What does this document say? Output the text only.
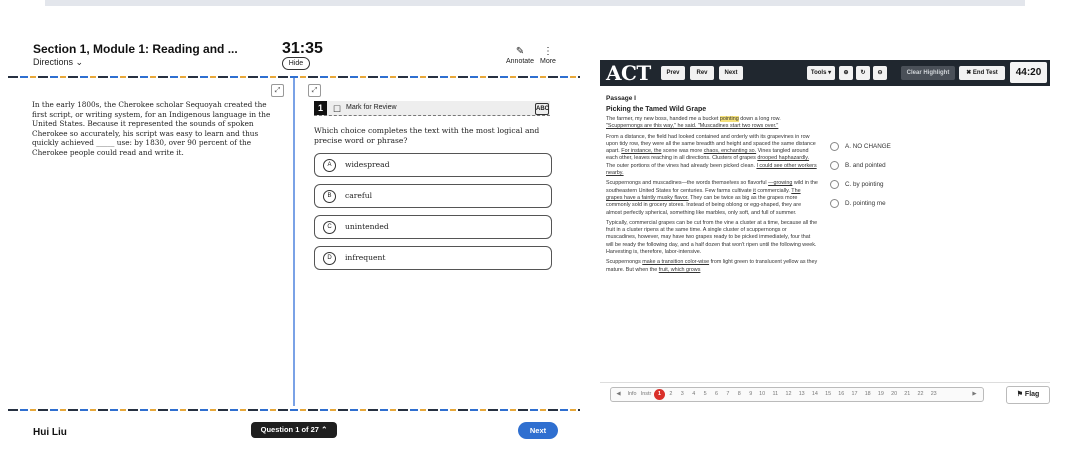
Section 1, Module 1: Reading and ...
Directions ⌄
31:35
Hide
✎
Annotate
⋮
More
⤢
In the early 1800s, the Cherokee scholar Sequoyah created the first script, or writing system, for an Indigenous language in the United States. Because it represented the sounds of spoken Cherokee so accurately, his script was easy to learn and thus quickly achieved _____ use: by 1830, over 90 percent of the Cherokee people could read and write it.
⤢
1	☐ Mark for Review	ABC
Which choice completes the text with the most logical and precise word or phrase?
A	widespread
B	careful
C	unintended
D	infrequent
Hui Liu	Question 1 of 27 ⌃	Next
ACT	Prev	Rev	Next	Tools ▾	⊕	↻	⊖	Clear Highlight	✖ End Test	44:20
Passage I
Picking the Tamed Wild Grape

The farmer, my new boss, handed me a bucket pointing down a long row. "Scuppernongs are this way," he said. "Muscadines start two rows over."

From a distance, the field had looked contained and orderly with its grapevines in row upon tidy row, they were all the same breadth and height and spaced the same distance apart. For instance, the scene was more chaos, enchanting so. Vines tangled around each other, leaves reaching in all directions. Clusters of grapes drooped haphazardly. The outer portions of the vines had already been picked clean. I could see other workers nearby.

Scuppernongs and muscadines—the words themselves so flavorful —growing wild in the southeastern United States for centuries. Few farms cultivate it commercially. The grapes have a faintly musky flavor. They can be twice as big as the grapes more commonly sold in grocery stores. Instead of being oblong or egg-shaped, they are almost perfectly spherical, something like marbles, only soft, and full of summer.

Typically, commercial grapes can be cut from the vine a cluster at a time, because all the fruit in a cluster ripens at the same time. A single cluster of scuppernongs or muscadines, however, may have two grapes ready to be picked immediately, four that will be ready the following day, and a half dozen that won't ripen until the following week. Harvesting is, therefore, labor-intensive.

Scuppernongs make a transition color-wise from light green to translucent yellow as they mature. But when the fruit, which grows

A. NO CHANGE
B. and pointed
C. by pointing
D. pointing me
◀	Info Instr	1	2	3	4	5	6	7	8	9	10	11	12	13	14	15	16	17	18	19	20	21	22	23	▶	⚑ Flag
